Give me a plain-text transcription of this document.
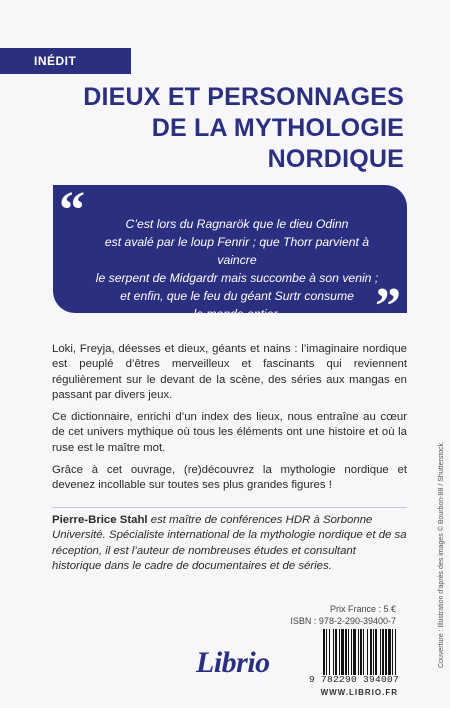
INÉDIT
DIEUX ET PERSONNAGES
DE LA MYTHOLOGIE
NORDIQUE
“	C’est lors du Ragnarök que le dieu Odinn
est avalé par le loup Fenrir ; que Thorr parvient à vaincre
le serpent de Midgardr mais succombe à son venin ;
et enfin, que le feu du géant Surtr consume
le monde entier.	”

Loki, Freyja, déesses et dieux, géants et nains : l’imaginaire nordique est peuplé d’êtres merveilleux et fascinants qui reviennent régulièrement sur le devant de la scène, des séries aux mangas en passant par divers jeux.

Ce dictionnaire, enrichi d’un index des lieux, nous entraîne au cœur de cet univers mythique où tous les éléments ont une histoire et où la ruse est le maître mot.

Grâce à cet ouvrage, (re)découvrez la mythologie nordique et devenez incollable sur toutes ses plus grandes figures !

Pierre-Brice Stahl est maître de conférences HDR à Sorbonne Université. Spécialiste international de la mythologie nordique et de sa réception, il est l’auteur de nombreuses études et consultant historique dans le cadre de documentaires et de séries.
Prix France : 5 €
ISBN : 978-2-290-39400-7
9 782290 394007
Librio
WWW.LIBRIO.FR
Couverture : Illustration d'après des images © Bourbon-88 / Shutterstock
